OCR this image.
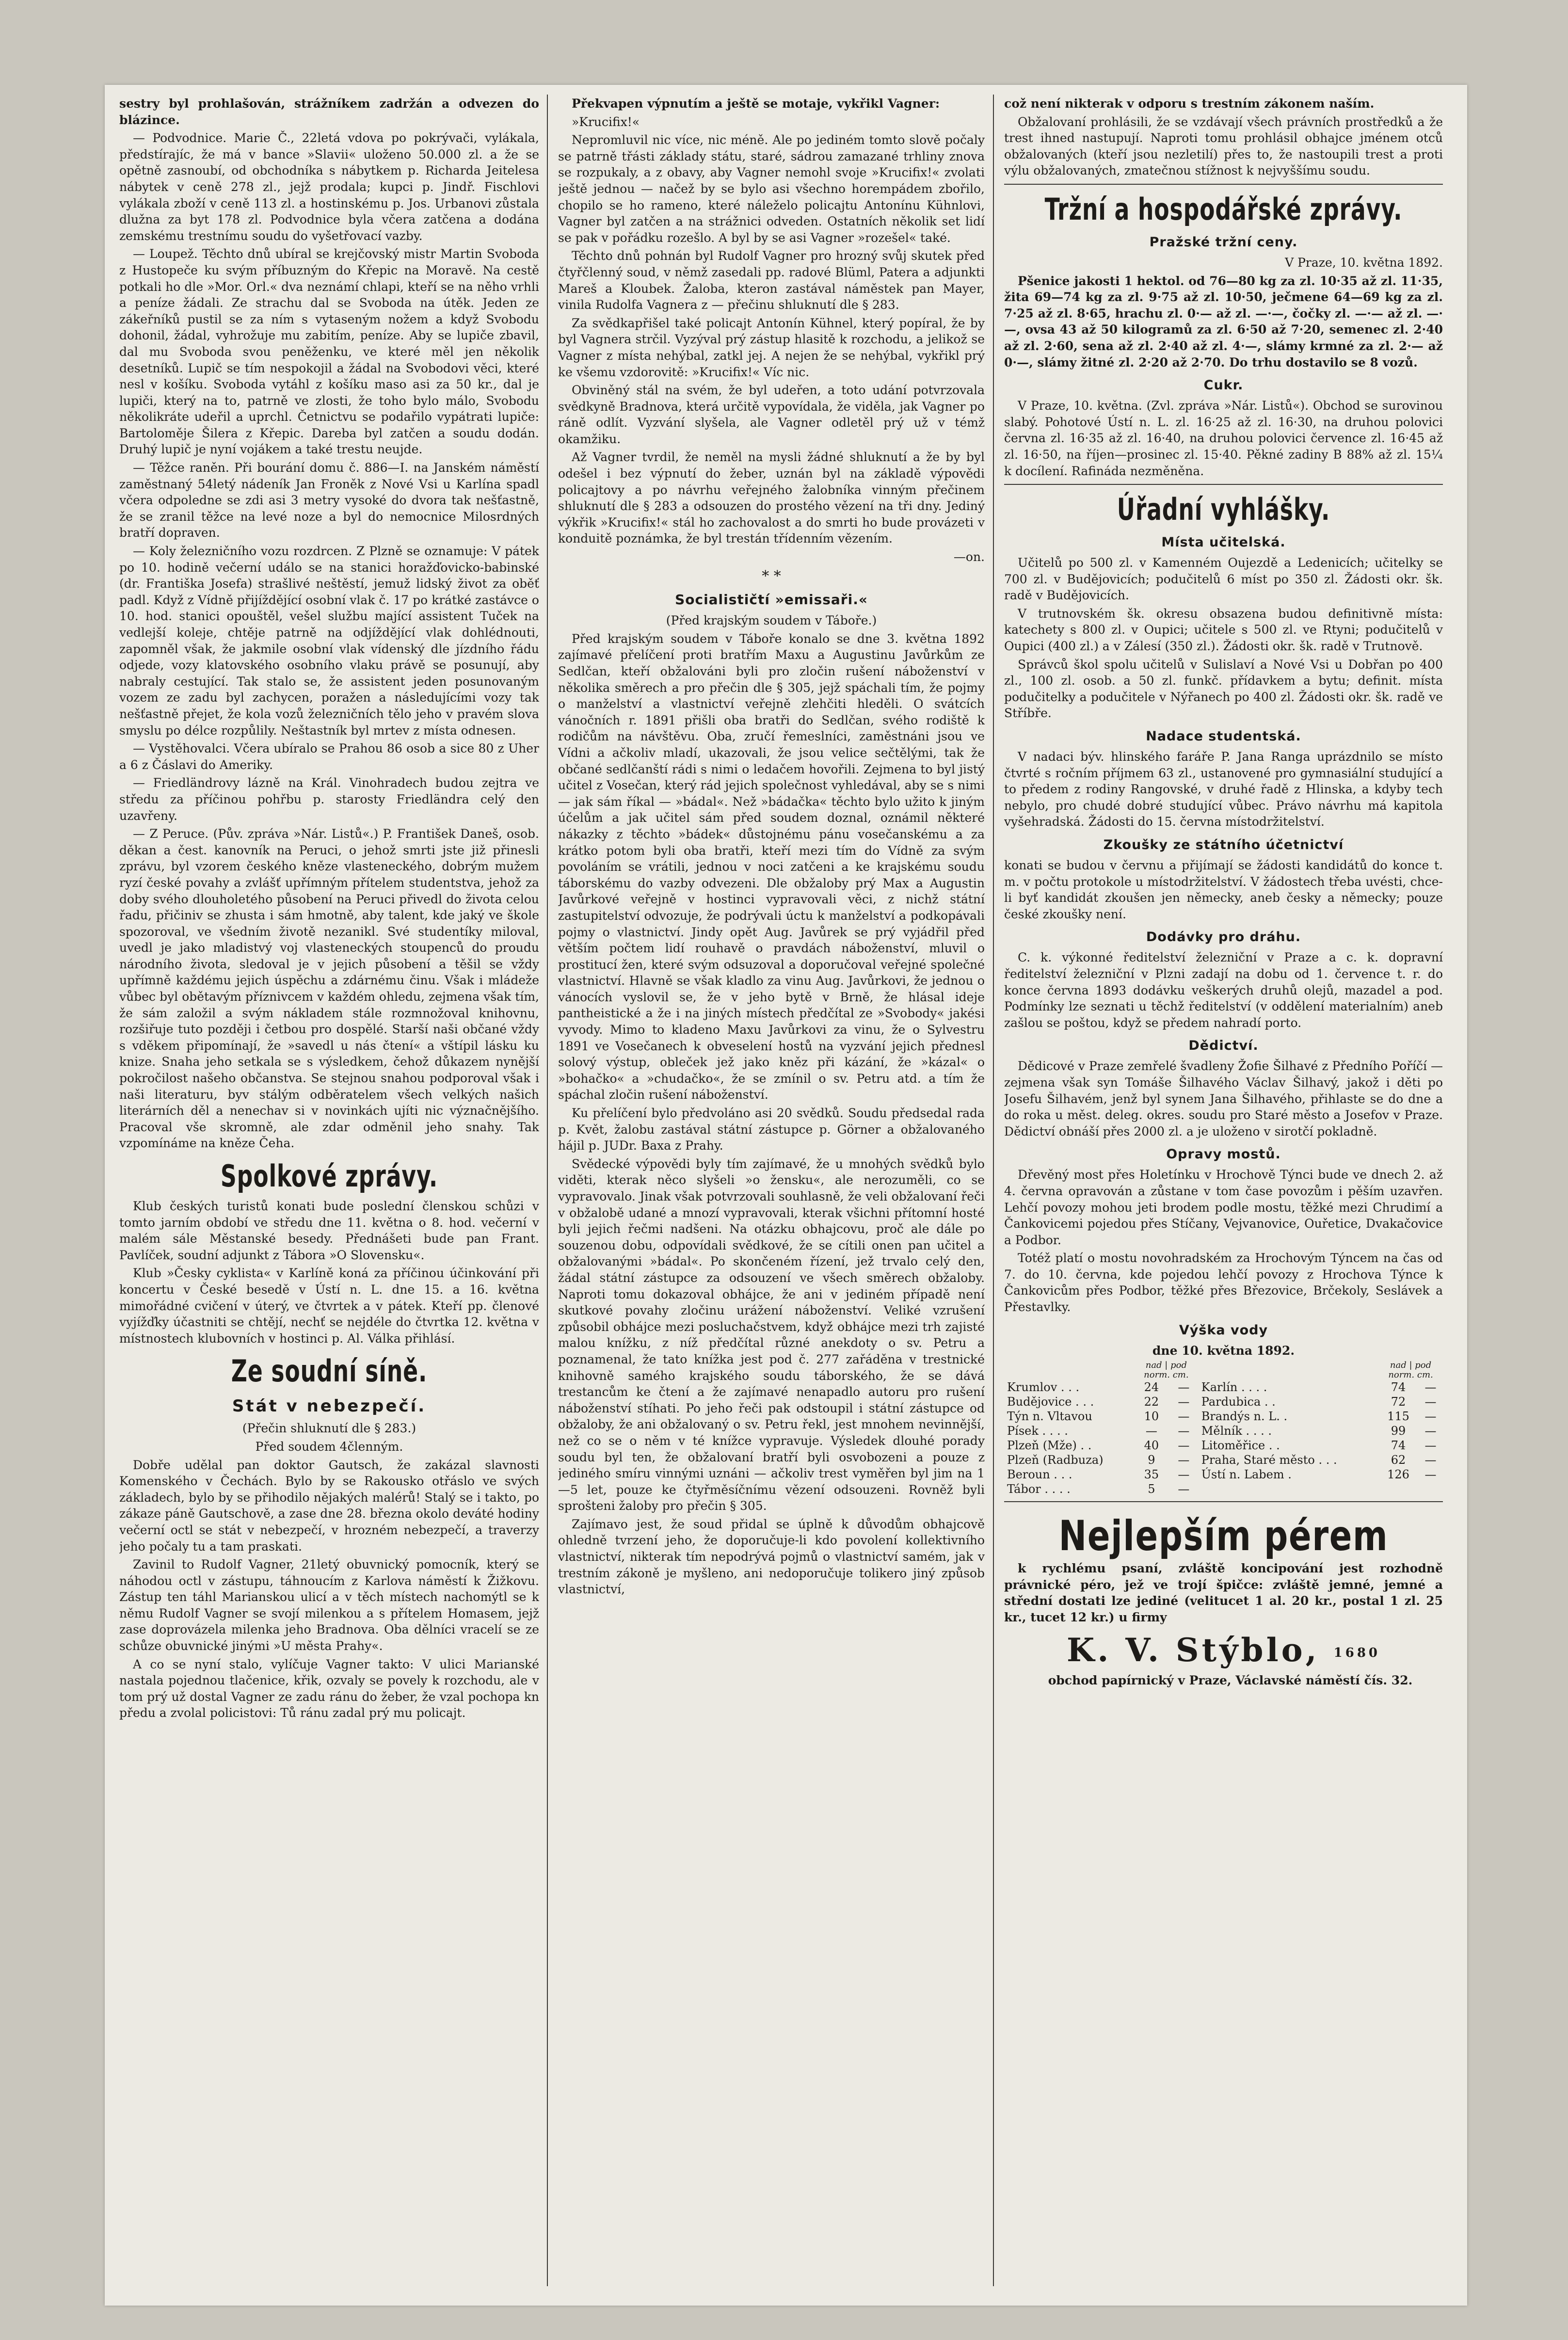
sestry byl prohlašován, strážníkem zadržán a odvezen do blázince.

— Podvodnice. Marie Č., 22letá vdova po pokrývači, vylákala, předstírajíc, že má v bance »Slavii« uloženo 50.000 zl. a že se opětně zasnoubí, od obchodníka s nábytkem p. Richarda Jeitelesa nábytek v ceně 278 zl., jejž prodala; kupci p. Jindř. Fischlovi vylákala zboží v ceně 113 zl. a hostinskému p. Jos. Urbanovi zůstala dlužna za byt 178 zl. Podvodnice byla včera zatčena a dodána zemskému trestnímu soudu do vyšetřovací vazby.

— Loupež. Těchto dnů ubíral se krejčovský mistr Martin Svoboda z Hustopeče ku svým příbuzným do Křepic na Moravě. Na cestě potkali ho dle »Mor. Orl.« dva neznámí chlapi, kteří se na něho vrhli a peníze žádali. Ze strachu dal se Svoboda na útěk. Jeden ze zákeřníků pustil se za ním s vytaseným nožem a když Svobodu dohonil, žádal, vyhrožuje mu zabitím, peníze. Aby se lupiče zbavil, dal mu Svoboda svou peněženku, ve které měl jen několik desetníků. Lupič se tím nespokojil a žádal na Svobodovi věci, které nesl v košíku. Svoboda vytáhl z košíku maso asi za 50 kr., dal je lupiči, který na to, patrně ve zlosti, že toho bylo málo, Svobodu několikráte udeřil a uprchl. Četnictvu se podařilo vypátrati lupiče: Bartoloměje Šilera z Křepic. Dareba byl zatčen a soudu dodán. Druhý lupič je nyní vojákem a také trestu neujde.

— Těžce raněn. Při bourání domu č. 886—I. na Janském náměstí zaměstnaný 54letý nádeník Jan Froněk z Nové Vsi u Karlína spadl včera odpoledne se zdi asi 3 metry vysoké do dvora tak nešťastně, že se zranil těžce na levé noze a byl do nemocnice Milosrdných bratří dopraven.

— Koly železničního vozu rozdrcen. Z Plzně se oznamuje: V pátek po 10. hodině večerní událo se na stanici horažďovicko-babinské (dr. Františka Josefa) strašlivé neštěstí, jemuž lidský život za oběť padl. Když z Vídně přijíždějící osobní vlak č. 17 po krátké zastávce o 10. hod. stanici opouštěl, vešel službu mající assistent Tuček na vedlejší koleje, chtěje patrně na odjíždějící vlak dohlédnouti, zapomněl však, že jakmile osobní vlak vídenský dle jízdního řádu odjede, vozy klatovského osobního vlaku právě se posunují, aby nabraly cestující. Tak stalo se, že assistent jeden posunovaným vozem ze zadu byl zachycen, poražen a následujícími vozy tak nešťastně přejet, že kola vozů železničních tělo jeho v pravém slova smyslu po délce rozpůlily. Neštastník byl mrtev z místa odnesen.

— Vystěhovalci. Včera ubíralo se Prahou 86 osob a sice 80 z Uher a 6 z Čáslavi do Ameriky.

— Friedländrovy lázně na Král. Vinohradech budou zejtra ve středu za příčinou pohřbu p. starosty Friedländra celý den uzavřeny.

— Z Peruce. (Pův. zpráva »Nár. Listů«.) P. František Daneš, osob. děkan a čest. kanovník na Peruci, o jehož smrti jste již přinesli zprávu, byl vzorem českého kněze vlasteneckého, dobrým mužem ryzí české povahy a zvlášť upřímným přítelem studentstva, jehož za doby svého dlouholetého působení na Peruci přivedl do života celou řadu, přičiniv se zhusta i sám hmotně, aby talent, kde jaký ve škole spozoroval, ve všedním životě nezanikl. Své studentíky miloval, uvedl je jako mladistvý voj vlasteneckých stoupenců do proudu národního života, sledoval je v jejich působení a těšil se vždy upřímně každému jejich úspěchu a zdárnému činu. Však i mládeže vůbec byl obětavým příznivcem v každém ohledu, zejmena však tím, že sám založil a svým nákladem stále rozmnožoval knihovnu, rozšiřuje tuto později i četbou pro dospělé. Starší naši občané vždy s vděkem připomínají, že »savedl u nás čtení« a vštípil lásku ku knize. Snaha jeho setkala se s výsledkem, čehož důkazem nynější pokročilost našeho občanstva. Se stejnou snahou podporoval však i naši literaturu, byv stálým odběratelem všech velkých našich literárních děl a nenechav si v novinkách ujíti nic význačnějšího. Pracoval vše skromně, ale zdar odměnil jeho snahy. Tak vzpomínáme na kněze Čeha.

Spolkové zprávy.

Klub českých turistů konati bude poslední členskou schůzi v tomto jarním období ve středu dne 11. května o 8. hod. večerní v malém sále Městanské besedy. Přednášeti bude pan Frant. Pavlíček, soudní adjunkt z Tábora »O Slovensku«.

Klub »Česky cyklista« v Karlíně koná za příčinou účinkování při koncertu v České besedě v Ústí n. L. dne 15. a 16. května mimořádné cvičení v úterý, ve čtvrtek a v pátek. Kteří pp. členové vyjížďky účastniti se chtějí, nechť se nejdéle do čtvrtka 12. května v místnostech klubovních v hostinci p. Al. Válka přihlásí.

Ze soudní síně.
Stát v nebezpečí.

(Přečin shluknutí dle § 283.)

Před soudem 4členným.

Dobře udělal pan doktor Gautsch, že zakázal slavnosti Komenského v Čechách. Bylo by se Rakousko otřáslo ve svých základech, bylo by se přihodilo nějakých malérů! Stalý se i takto, po zákaze páně Gautschově, a zase dne 28. března okolo deváté hodiny večerní octl se stát v nebezpečí, v hrozném nebezpečí, a traverzy jeho počaly tu a tam praskati.

Zavinil to Rudolf Vagner, 21letý obuvnický pomocník, který se náhodou octl v zástupu, táhnoucím z Karlova náměstí k Žižkovu. Zástup ten táhl Marianskou ulicí a v těch místech nachomýtl se k němu Rudolf Vagner se svojí milenkou a s přítelem Homasem, jejž zase doprovázela milenka jeho Bradnova. Oba dělníci vracelí se ze schůze obuvnické jinými »U města Prahy«.

A co se nyní stalo, vylíčuje Vagner takto: V ulici Marianské nastala pojednou tlačenice, křik, ozvaly se povely k rozchodu, ale v tom prý už dostal Vagner ze zadu ránu do žeber, že vzal pochopa kn předu a zvolal policistovi: Tů ránu zadal prý mu policajt.

Překvapen výpnutím a ještě se motaje, vykřikl Vagner:

»Krucifix!«

Nepromluvil nic více, nic méně. Ale po jediném tomto slově počaly se patrně třásti základy státu, staré, sádrou zamazané trhliny znova se rozpukaly, a z obavy, aby Vagner nemohl svoje »Krucifix!« zvolati ještě jednou — načež by se bylo asi všechno horempádem zbořilo, chopilo se ho rameno, které náleželo policajtu Antonínu Kühnlovi, Vagner byl zatčen a na strážnici odveden. Ostatních několik set lidí se pak v pořádku rozešlo. A byl by se asi Vagner »rozešel« také.

Těchto dnů pohnán byl Rudolf Vagner pro hrozný svůj skutek před čtyřčlenný soud, v němž zasedali pp. radové Blüml, Patera a adjunkti Mareš a Kloubek. Žaloba, kteron zastával náměstek pan Mayer, vinila Rudolfa Vagnera z — přečinu shluknutí dle § 283.

Za svědkapřišel také policajt Antonín Kühnel, který popíral, že by byl Vagnera strčil. Vyzýval prý zástup hlasitě k rozchodu, a jelikož se Vagner z místa nehýbal, zatkl jej. A nejen že se nehýbal, vykřikl prý ke všemu vzdorovitě: »Krucifix!« Víc nic.

Obviněný stál na svém, že byl udeřen, a toto udání potvrzovala svědkyně Bradnova, která určitě vypovídala, že viděla, jak Vagner po ráně odlít. Vyzvání slyšela, ale Vagner odletěl prý už v témž okamžiku.

Až Vagner tvrdil, že neměl na mysli žádné shluknutí a že by byl odešel i bez výpnutí do žeber, uznán byl na základě výpovědi policajtovy a po návrhu veřejného žalobníka vinným přečinem shluknutí dle § 283 a odsouzen do prostého vězení na tři dny. Jediný výkřik »Krucifix!« stál ho zachovalost a do smrti ho bude provázeti v konduitě poznámka, že byl trestán třídenním vězením.

—on.

* *
Socialističtí »emissaři.«

(Před krajským soudem v Táboře.)

Před krajským soudem v Táboře konalo se dne 3. května 1892 zajímavé přelíčení proti bratřím Maxu a Augustinu Javůrkům ze Sedlčan, kteří obžalováni byli pro zločin rušení náboženství v několika směrech a pro přečin dle § 305, jejž spáchali tím, že pojmy o manželství a vlastnictví veřejně zlehčiti hleděli. O svátcích vánočních r. 1891 přišli oba bratři do Sedlčan, svého rodiště k rodičům na návštěvu. Oba, zručí řemeslníci, zaměstnáni jsou ve Vídni a ačkoliv mladí, ukazovali, že jsou velice sečtělými, tak že občané sedlčanští rádi s nimi o ledačem hovořili. Zejmena to byl jistý učitel z Vosečan, který rád jejich společnost vyhledával, aby se s nimi — jak sám říkal — »bádal«. Než »bádačka« těchto bylo užito k jiným účelům a jak učitel sám před soudem doznal, oznámil některé nákazky z těchto »bádek« důstojnému pánu vosečanskému a za krátko potom byli oba bratři, kteří mezi tím do Vídně za svým povoláním se vrátili, jednou v noci zatčeni a ke krajskému soudu táborskému do vazby odvezeni. Dle obžaloby prý Max a Augustin Javůrkové veřejně v hostinci vypravovali věci, z nichž státní zastupitelství odvozuje, že podrývali úctu k manželství a podkopávali pojmy o vlastnictví. Jindy opět Aug. Javůrek se prý vyjádřil před větším počtem lidí rouhavě o pravdách náboženství, mluvil o prostitucí žen, které svým odsuzoval a doporučoval veřejné společné vlastnictví. Hlavně se však kladlo za vinu Aug. Javůrkovi, že jednou o vánocích vyslovil se, že v jeho bytě v Brně, že hlásal ideje pantheistické a že i na jiných místech předčítal ze »Svobody« jakési vyvody. Mimo to kladeno Maxu Javůrkovi za vinu, že o Sylvestru 1891 ve Vosečanech k obveselení hostů na vyzvání jejich přednesl solový výstup, obleček jež jako kněz při kázání, že »kázal« o »bohačko« a »chudačko«, že se zmínil o sv. Petru atd. a tím že spáchal zločin rušení náboženství.

Ku přelíčení bylo předvoláno asi 20 svědků. Soudu předsedal rada p. Květ, žalobu zastával státní zástupce p. Görner a obžalovaného hájil p. JUDr. Baxa z Prahy.

Svědecké výpovědi byly tím zajímavé, že u mnohých svědků bylo viděti, kterak něco slyšeli »o žensku«, ale nerozuměli, co se vypravovalo. Jinak však potvrzovali souhlasně, že veli obžalovaní řeči v obžalobě udané a mnozí vypravovali, kterak všichni přítomní hosté byli jejich řečmi nadšeni. Na otázku obhajcovu, proč ale dále po souzenou dobu, odpovídali svědkové, že se cítili onen pan učitel a obžalovanými »bádal«. Po skončeném řízení, jež trvalo celý den, žádal státní zástupce za odsouzení ve všech směrech obžaloby. Naproti tomu dokazoval obhájce, že ani v jediném případě není skutkové povahy zločinu urážení náboženství. Veliké vzrušení způsobil obhájce mezi posluchačstvem, když obhájce mezi trh zajisté malou knížku, z níž předčítal různé anekdoty o sv. Petru a poznamenal, že tato knížka jest pod č. 277 zařáděna v trestnické knihovně samého krajského soudu táborského, že se dává trestancům ke čtení a že zajímavé nenapadlo autoru pro rušení náboženství stíhati. Po jeho řeči pak odstoupil i státní zástupce od obžaloby, že ani obžalovaný o sv. Petru řekl, jest mnohem nevinnější, než co se o něm v té knížce vypravuje. Výsledek dlouhé porady soudu byl ten, že obžalovaní bratří byli osvobozeni a pouze z jediného smíru vinnými uznáni — ačkoliv trest vyměřen byl jim na 1—5 let, pouze ke čtyřměsíčnímu vězení odsouzeni. Rovněž byli sprošteni žaloby pro přečin § 305.

Zajímavo jest, že soud přidal se úplně k důvodům obhajcově ohledně tvrzení jeho, že doporučuje-li kdo povolení kollektivního vlastnictví, nikterak tím nepodrývá pojmů o vlastnictví samém, jak v trestním zákoně je myšleno, ani nedoporučuje tolikero jiný způsob vlastnictví,

což není nikterak v odporu s trestním zákonem naším.

Obžalovaní prohlásili, že se vzdávají všech právních prostředků a že trest ihned nastupují. Naproti tomu prohlásil obhajce jménem otců obžalovaných (kteří jsou nezletilí) přes to, že nastoupili trest a proti výlu obžalovaných, zmatečnou stížnost k nejvyššímu soudu.

Tržní a hospodářské zprávy.
Pražské tržní ceny.

V Praze, 10. května 1892.

Pšenice jakosti 1 hektol. od 76—80 kg za zl. 10·35 až zl. 11·35, žita 69—74 kg za zl. 9·75 až zl. 10·50, ječmene 64—69 kg za zl. 7·25 až zl. 8·65, hrachu zl. 0·— až zl. —·—, čočky zl. —·— až zl. —·—, ovsa 43 až 50 kilogramů za zl. 6·50 až 7·20, semenec zl. 2·40 až zl. 2·60, sena až zl. 2·40 až zl. 4·—, slámy krmné za zl. 2·— až 0·—, slámy žitné zl. 2·20 až 2·70. Do trhu dostavilo se 8 vozů.

Cukr.

V Praze, 10. května. (Zvl. zpráva »Nár. Listů«). Obchod se surovinou slabý. Pohotové Ústí n. L. zl. 16·25 až zl. 16·30, na druhou polovici června zl. 16·35 až zl. 16·40, na druhou polovici července zl. 16·45 až zl. 16·50, na říjen—prosinec zl. 15·40. Pěkné zadiny B 88% až zl. 15¼ k docílení. Rafináda nezměněna.

Úřadní vyhlášky.
Místa učitelská.

Učitelů po 500 zl. v Kamenném Oujezdě a Ledenicích; učitelky se 700 zl. v Budějovicích; podučitelů 6 míst po 350 zl. Žádosti okr. šk. radě v Budějovicích.

V trutnovském šk. okresu obsazena budou definitivně místa: katechety s 800 zl. v Oupici; učitele s 500 zl. ve Rtyni; podučitelů v Oupici (400 zl.) a v Zálesí (350 zl.). Žádosti okr. šk. radě v Trutnově.

Správců škol spolu učitelů v Sulislaví a Nové Vsi u Dobřan po 400 zl., 100 zl. osob. a 50 zl. funkč. přídavkem a bytu; definit. místa podučitelky a podučitele v Nýřanech po 400 zl. Žádosti okr. šk. radě ve Stříbře.

Nadace studentská.

V nadaci býv. hlinského faráře P. Jana Ranga uprázdnilo se místo čtvrté s ročním příjmem 63 zl., ustanovené pro gymnasiální studující a to předem z rodiny Rangovské, v druhé řadě z Hlinska, a kdyby tech nebylo, pro chudé dobré studující vůbec. Právo návrhu má kapitola vyšehradská. Žádosti do 15. června místodržitelství.

Zkoušky ze státního účetnictví

konati se budou v červnu a přijímají se žádosti kandidátů do konce t. m. v počtu protokole u místodržitelství. V žádostech třeba uvésti, chce-li byť kandidát zkoušen jen německy, aneb česky a německy; pouze české zkoušky není.

Dodávky pro dráhu.

C. k. výkonné ředitelství železniční v Praze a c. k. dopravní ředitelství železniční v Plzni zadají na dobu od 1. července t. r. do konce června 1893 dodávku veškerých druhů olejů, mazadel a pod. Podmínky lze seznati u těchž ředitelství (v oddělení materialním) aneb zašlou se poštou, když se předem nahradí porto.

Dědictví.

Dědicové v Praze zemřelé švadleny Žofie Šilhavé z Předního Poříčí — zejmena však syn Tomáše Šilhavého Václav Šilhavý, jakož i děti po Josefu Šilhavém, jenž byl synem Jana Šilhavého, přihlaste se do dne a do roka u měst. deleg. okres. soudu pro Staré město a Josefov v Praze. Dědictví obnáší přes 2000 zl. a je uloženo v sirotčí pokladně.

Opravy mostů.

Dřevěný most přes Holetínku v Hrochově Týnci bude ve dnech 2. až 4. června opravován a zůstane v tom čase povozům i pěším uzavřen. Lehčí povozy mohou jeti brodem podle mostu, těžké mezi Chrudimí a Čankovicemi pojedou přes Stíčany, Vejvanovice, Ouřetice, Dvakačovice a Podbor.

Totéž platí o mostu novohradském za Hrochovým Týncem na čas od 7. do 10. června, kde pojedou lehčí povozy z Hrochova Týnce k Čankovicům přes Podbor, těžké přes Březovice, Brčekoly, Seslávek a Přestavlky.

Výška vody

dne 10. května 1892.

	nad | pod
norm. cm.			nad | pod
norm. cm.	
Krumlov . . .	24	—	Karlín . . . .	74	—
Budějovice . . .	22	—	Pardubica . .	72	—
Týn n. Vltavou	10	—	Brandýs n. L. .	115	—
Písek . . . .	—	—	Mělník . . . .	99	—
Plzeň (Mže) . .	40	—	Litoměřice . .	74	—
Plzeň (Radbuza)	9	—	Praha, Staré město . . .	62	—
Beroun . . .	35	—	Ústí n. Labem .	126	—
Tábor . . . .	5	—			
Nejlepším pérem

k rychlému psaní, zvláště koncipování jest rozhodně právnické péro, jež ve trojí špičce: zvláště jemné, jemné a střední dostati lze jediné (velitucet 1 al. 20 kr., postal 1 zl. 25 kr., tucet 12 kr.) u firmy

K. V. Stýblo, 1680

obchod papírnický v Praze, Václavské náměstí čís. 32.
